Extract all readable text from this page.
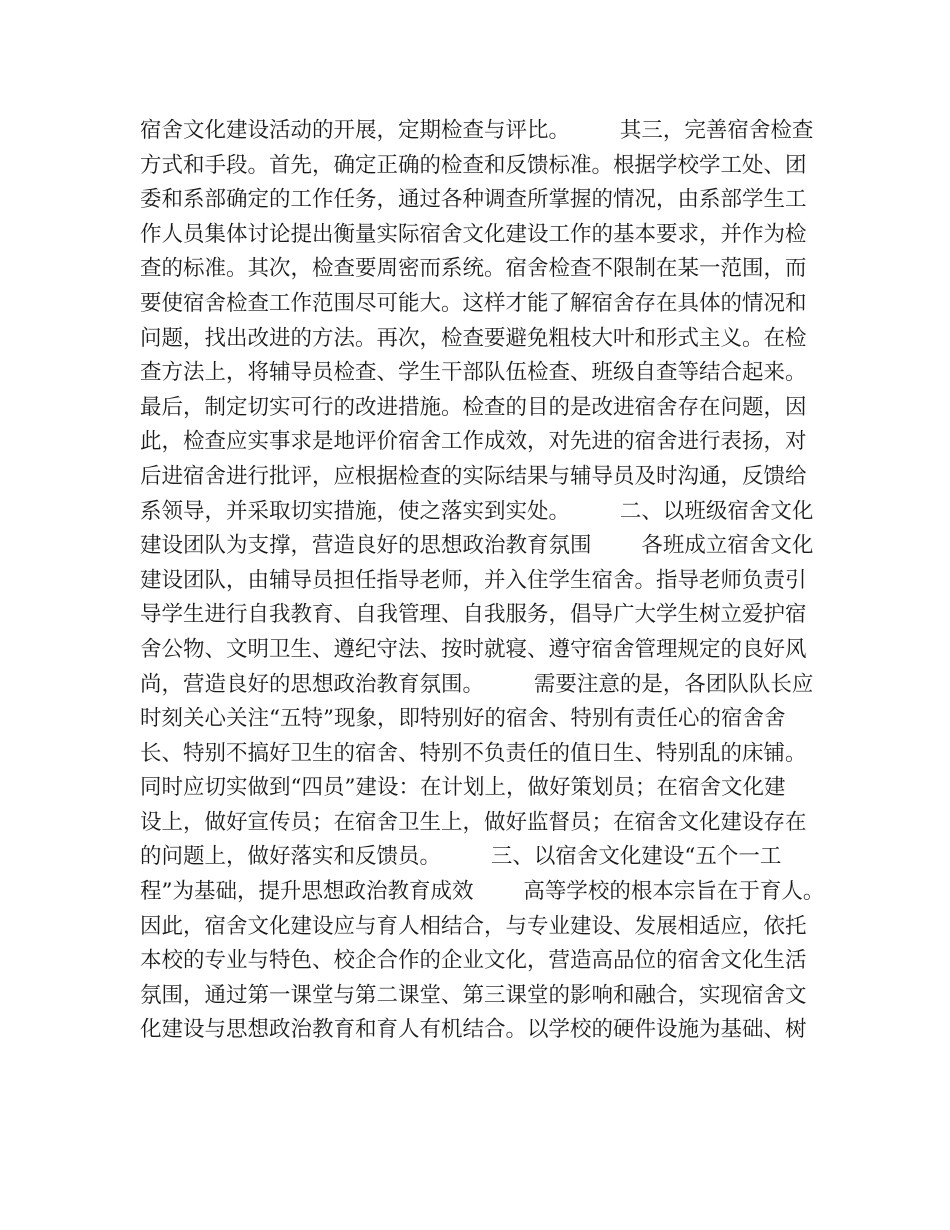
宿舍文化建设活动的开展，定期检查与评比。 　　其三，完善宿舍检查
方式和手段。首先，确定正确的检查和反馈标准。根据学校学工处、团
委和系部确定的工作任务，通过各种调查所掌握的情况，由系部学生工
作人员集体讨论提出衡量实际宿舍文化建设工作的基本要求，并作为检
查的标准。其次，检查要周密而系统。宿舍检查不限制在某一范围，而
要使宿舍检查工作范围尽可能大。这样才能了解宿舍存在具体的情况和
问题，找出改进的方法。再次，检查要避免粗枝大叶和形式主义。在检
查方法上，将辅导员检查、学生干部队伍检查、班级自查等结合起来。
最后，制定切实可行的改进措施。检查的目的是改进宿舍存在问题，因
此，检查应实事求是地评价宿舍工作成效，对先进的宿舍进行表扬，对
后进宿舍进行批评，应根据检查的实际结果与辅导员及时沟通，反馈给
系领导，并采取切实措施，使之落实到实处。 　　二、以班级宿舍文化
建设团队为支撑，营造良好的思想政治教育氛围 　　各班成立宿舍文化
建设团队，由辅导员担任指导老师，并入住学生宿舍。指导老师负责引
导学生进行自我教育、自我管理、自我服务，倡导广大学生树立爱护宿
舍公物、文明卫生、遵纪守法、按时就寝、遵守宿舍管理规定的良好风
尚，营造良好的思想政治教育氛围。 　　需要注意的是，各团队队长应
时刻关心关注“五特”现象，即特别好的宿舍、特别有责任心的宿舍舍
长、特别不搞好卫生的宿舍、特别不负责任的值日生、特别乱的床铺。
同时应切实做到“四员”建设：在计划上，做好策划员；在宿舍文化建
设上，做好宣传员；在宿舍卫生上，做好监督员；在宿舍文化建设存在
的问题上，做好落实和反馈员。 　　三、以宿舍文化建设“五个一工
程”为基础，提升思想政治教育成效 　　高等学校的根本宗旨在于育人。
因此，宿舍文化建设应与育人相结合，与专业建设、发展相适应，依托
本校的专业与特色、校企合作的企业文化，营造高品位的宿舍文化生活
氛围，通过第一课堂与第二课堂、第三课堂的影响和融合，实现宿舍文
化建设与思想政治教育和育人有机结合。以学校的硬件设施为基础、树
